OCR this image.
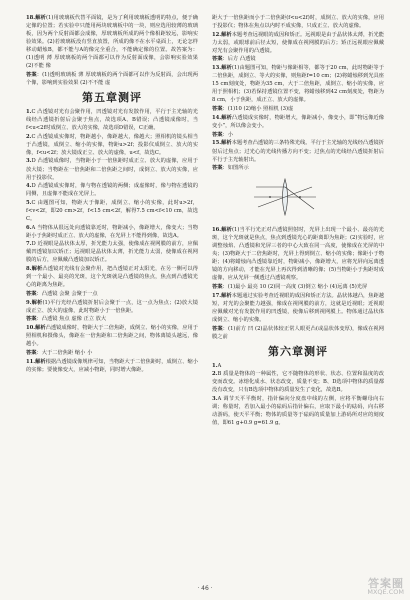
18.解析(1)用玻璃板代替平面镜，是为了利用玻璃板透明的特点，便于确定像的位置；若实验中只能用两块玻璃板中的一块，则应选用较薄的玻璃板，因为两个反射面都会成像，厚玻璃板所成的两个像相距较远，影响实验效果。(2)若玻璃板没有竖直放置，所成的像不在水平桌面上，无论怎样移动蜡烛B，都不能与A的像完全重合，不能确定像的位置。故答案为：(1)透明 薄 厚玻璃板的两个面都可以作为反射面成像，会影响实验效果 (2)不能 像

答案：(1)透明玻璃板 薄 厚玻璃板的两个面都可以作为反射面，会出现两个像，影响到实验效果 (2)不不能 虚

第五章测评

1.C 凸透镜对光有会聚作用，凹透镜对光有发散作用，平行于主光轴的光线经凸透镜折射后会聚于焦点，故选项A、B错误；凸透镜成像时，当f<u<2f时成倒立、放大的实像，故选项D错误，C正确。

2.C 凸透镜成实像时，物距越小，像距越大，像越大；照相机的镜头相当于凸透镜，成倒立、缩小的实像，物距u>2f；投影仪成倒立、放大的实像，f<u<2f；放大镜成正立、放大的虚像，u<f，故选C。

3.D 凸透镜成像时，当物距小于一倍焦距时成正立、放大的虚像，应用于放大镜；当物距在一倍焦距和二倍焦距之间时，成倒立、放大的实像，应用于投影仪。

4.D 凸透镜成实像时，像与物在透镜的两侧；成虚像时，像与物在透镜的同侧，且虚像不能成在光屏上。

5.C 由题图可知，物距大于像距，成倒立、缩小的实像，此时u>2f，f<v<2f，即20 cm>2f，f<15 cm<2f，解得7.5 cm<f<10 cm，故选C。

6.A 当物体从很远处向透镜靠近时，物距减小，像距增大，像变大；当物距小于焦距时成正立、放大的虚像，在光屏上不能得到像，故选A。

7.D 近视眼是晶状体太厚，折光能力太强，使像成在视网膜的前方，应佩戴凹透镜加以矫正；远视眼是晶状体太薄，折光能力太弱，使像成在视网膜的后方，应佩戴凸透镜加以矫正。

8.解析凸透镜对光线有会聚作用，把凸透镜正对太阳光，在另一侧可以得到一个最小、最亮的光斑，这个光斑就是凸透镜的焦点，焦点到凸透镜光心的距离为焦距。

答案：凸透镜 会聚 会聚于一点

9.解析(1)平行光经凸透镜折射后会聚于一点，这一点为焦点；(2)放大镜成正立、放大的虚像，此时物距小于一倍焦距。

答案：凸透镜 焦点 虚像 正立 放大

10.解析凸透镜成像时，物距大于二倍焦距，成倒立、缩小的实像，应用于照相机和摄像头，像距在一倍焦距和二倍焦距之间，物体离镜头越远，像越小。

答案：大于二倍焦距 缩小 小

11.解析根据凸透镜成像规律可知，当物距大于二倍焦距时，成倒立、缩小的实像；要使像变大，应减小物距，同时增大像距。

距大于一倍焦距而小于二倍焦距(f<u<2f)时，成倒立、放大的实像，应用于投影仪；物体在焦点以内时不成实像，只成正立、放大的虚像。

12.解析本题考查远视眼的成因和矫正。远视眼是由于晶状体太薄，折光能力太弱，或眼球前后径太短，使像成在视网膜的后方；矫正远视眼应佩戴对光有会聚作用的凸透镜。

答案：后方 凸透镜

13.解析(1)由题图可知，物距与像距相等，都等于20 cm，此时物距等于二倍焦距，成倒立、等大的实像，则焦距f=10 cm；(2)将蜡烛移到光具座15 cm刻度处，物距为35 cm，大于二倍焦距，成倒立、缩小的实像，应用于照相机；(3)若保持透镜位置不变，将蜡烛移到42 cm刻度处，物距为8 cm，小于焦距，成正立、放大的虚像。

答案：(1)10 (2)缩小 照相机 (3)虚

14.解析凸透镜成实像时，物距增大，像距减小，像变小，即“物远像近像变小”，所以像会变小。

答案：小

15.解析本题考查凸透镜的三条特殊光线。平行于主光轴的光线经凸透镜折射后过焦点；过光心的光线传播方向不变；过焦点的光线经凸透镜折射后平行于主光轴射出。

答案：如图所示

16.解析(1)当平行光正对凸透镜照射时，光屏上出现一个最小、最亮的光斑，这个光斑就是焦点，焦点到透镜光心的距离即为焦距；(2)实验时，应调整烛焰、凸透镜和光屏三者的中心大致在同一高度，使像成在光屏的中央；(3)物距大于二倍焦距时，光屏上得到倒立、缩小的实像；像距小于物距；(4)将蜡烛向凸透镜靠近时，物距减小，像距增大，应将光屏向远离透镜的方向移动，才能在光屏上再次得到清晰的像；(5)当物距小于焦距时成虚像，应从光屏一侧透过凸透镜观察。

答案：(1)最小 最亮 10 (2)同一高度 (3)倒立 缩小 (4)远离 (5)光屏

17.解析本题通过实验考查近视眼的成因和矫正方法。晶状体越凸，焦距越短，对光的会聚能力越强，像成在视网膜的前方，这就是近视眼；近视眼应佩戴对光有发散作用的凹透镜，使像后移到视网膜上。物体通过晶状体成倒立、缩小的实像。

答案：(1)前方 凹 (2)晶状体较正常人眼更凸(或晶状体变厚)，像成在视网膜之前

第六章测评

1.A

2.B 质量是物体的一种属性，它不随物体的形状、状态、位置和温度的改变而改变。冰熔化成水、状态改变，质量不变；B、D选项中物体的质量都没有改变，只有B选项中物体的质量发生了变化，故选B。

3.A 调节天平平衡时，指针偏向分度盘中线的左侧，应将平衡螺母向右调；称量时，若加入最小的砝码后指针偏右，应取下最小的砝码，向右移动游码，使天平平衡；物体的质量等于砝码的质量加上游码所对应的刻度值，即61 g+0.9 g=61.9 g。

· 46 ·	答案圈
MXQE.COM
